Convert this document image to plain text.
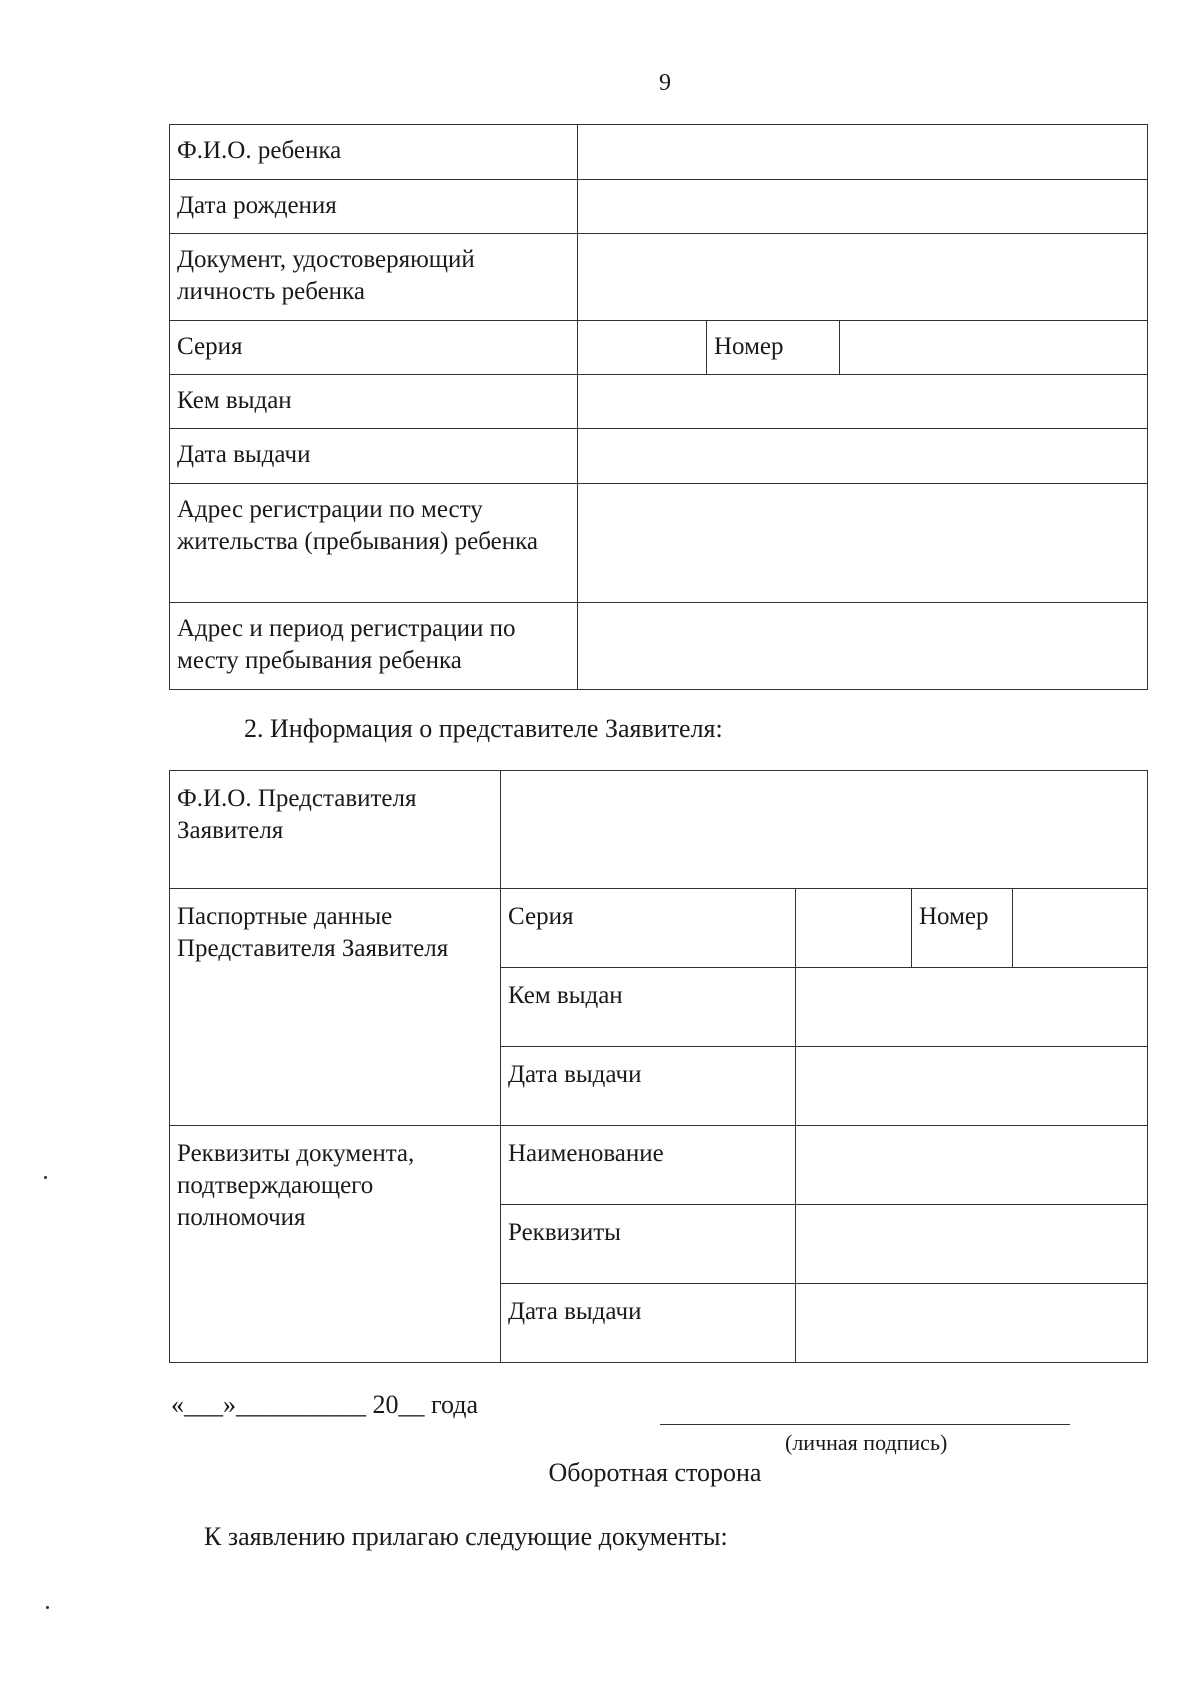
9
Ф.И.О. ребенка			
Дата рождения			
Документ, удостоверяющий личность ребенка			
Серия		Номер	
Кем выдан			
Дата выдачи			
Адрес регистрации по месту жительства (пребывания) ребенка			
Адрес и период регистрации по месту пребывания ребенка			
2. Информация о представителе Заявителя:
Ф.И.О. Представителя Заявителя				
Паспортные данные Представителя Заявителя	Серия		Номер	
	Кем выдан			
	Дата выдачи			
Реквизиты документа, подтверждающего полномочия	Наименование			
	Реквизиты			
	Дата выдачи			
«___»__________ 20__ года
(личная подпись)
Оборотная сторона
К заявлению прилагаю следующие документы:
